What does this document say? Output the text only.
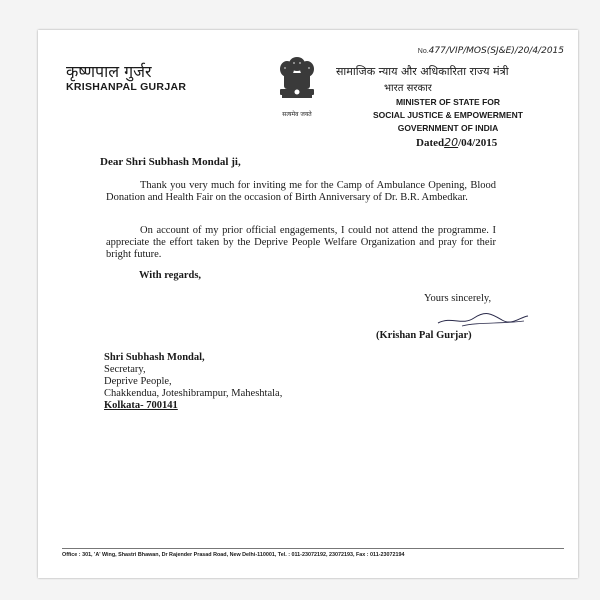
कृष्णपाल गुर्जर
KRISHANPAL GURJAR
सत्यमेव जयते
No.477/VIP/MOS(SJ&E)/20/4/2015
सामाजिक न्याय और अधिकारिता राज्य मंत्री
भारत सरकार
MINISTER OF STATE FOR
SOCIAL JUSTICE & EMPOWERMENT
GOVERNMENT OF INDIA
Dated20/04/2015
Dear Shri Subhash Mondal ji,
Thank you very much for inviting me for the Camp of Ambulance Opening, Blood Donation and Health Fair on the occasion of Birth Anniversary of Dr. B.R. Ambedkar.
On account of my prior official engagements, I could not attend the programme. I appreciate the effort taken by the Deprive People Welfare Organization and pray for their bright future.
With regards,
Yours sincerely,
(Krishan Pal Gurjar)
Shri Subhash Mondal,
Secretary,
Deprive People,
Chakkendua, Joteshibrampur, Maheshtala,
Kolkata- 700141
Office : 301, 'A' Wing, Shastri Bhawan, Dr Rajender Prasad Road, New Delhi-110001, Tel. : 011-23072192, 23072193, Fax : 011-23072194
